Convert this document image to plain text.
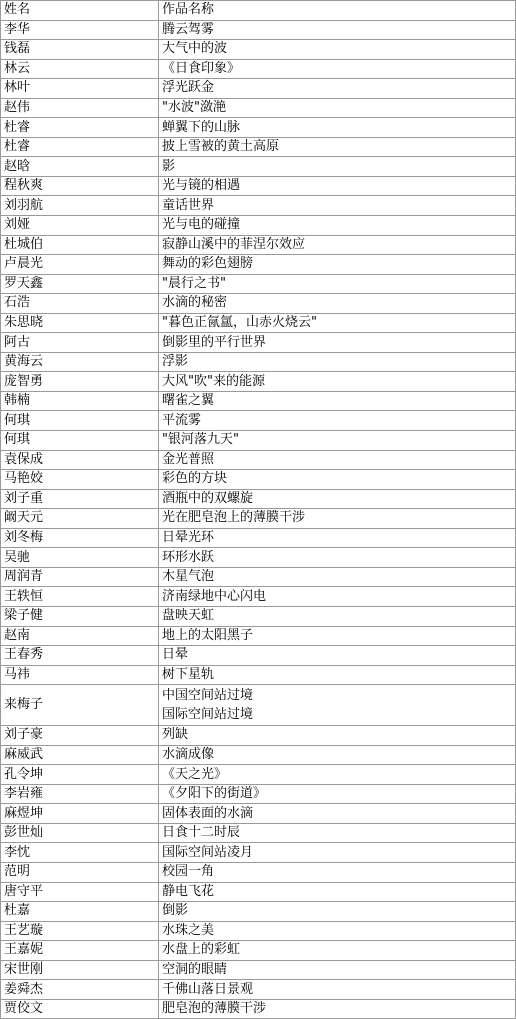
姓名	作品名称
李华	腾云驾雾

钱磊	大气中的波

林云	《日食印象》

林叶	浮光跃金

赵伟	"水波"潋滟

杜睿	蝉翼下的山脉

杜睿	披上雪被的黄土高原

赵晗	影

程秋爽	光与镜的相遇

刘羽航	童话世界

刘娅	光与电的碰撞

杜城伯	寂静山溪中的菲涅尔效应

卢晨光	舞动的彩色翅膀

罗天鑫	"晨行之书"

石浩	水滴的秘密

朱思晓	"暮色正氤氲，山赤火烧云"

阿古	倒影里的平行世界

黄海云	浮影

庞智勇	大风"吹"来的能源

韩楠	曙雀之翼

何琪	平流雾

何琪	"银河落九天"

袁保成	金光普照

马艳姣	彩色的方块

刘子重	酒瓶中的双螺旋

阚天元	光在肥皂泡上的薄膜干涉

刘冬梅	日晕光环

吴驰	环形水跃

周润青	木星气泡

王轶恒	济南绿地中心闪电

梁子健	盘映天虹

赵南	地上的太阳黑子

王春秀	日晕

马祎	树下星轨

来梅子	中国空间站过境
国际空间站过境

刘子豪	列缺

麻威武	水滴成像

孔令坤	《天之光》

李岩雍	《夕阳下的街道》

麻煜坤	固体表面的水滴

彭世灿	日食十二时辰

李忱	国际空间站凌月

范明	校园一角

唐守平	静电飞花

杜嘉	倒影

王艺璇	水珠之美

王嘉妮	水盘上的彩虹

宋世刚	空洞的眼睛

姜舜杰	千佛山落日景观

贾佼文	肥皂泡的薄膜干涉
